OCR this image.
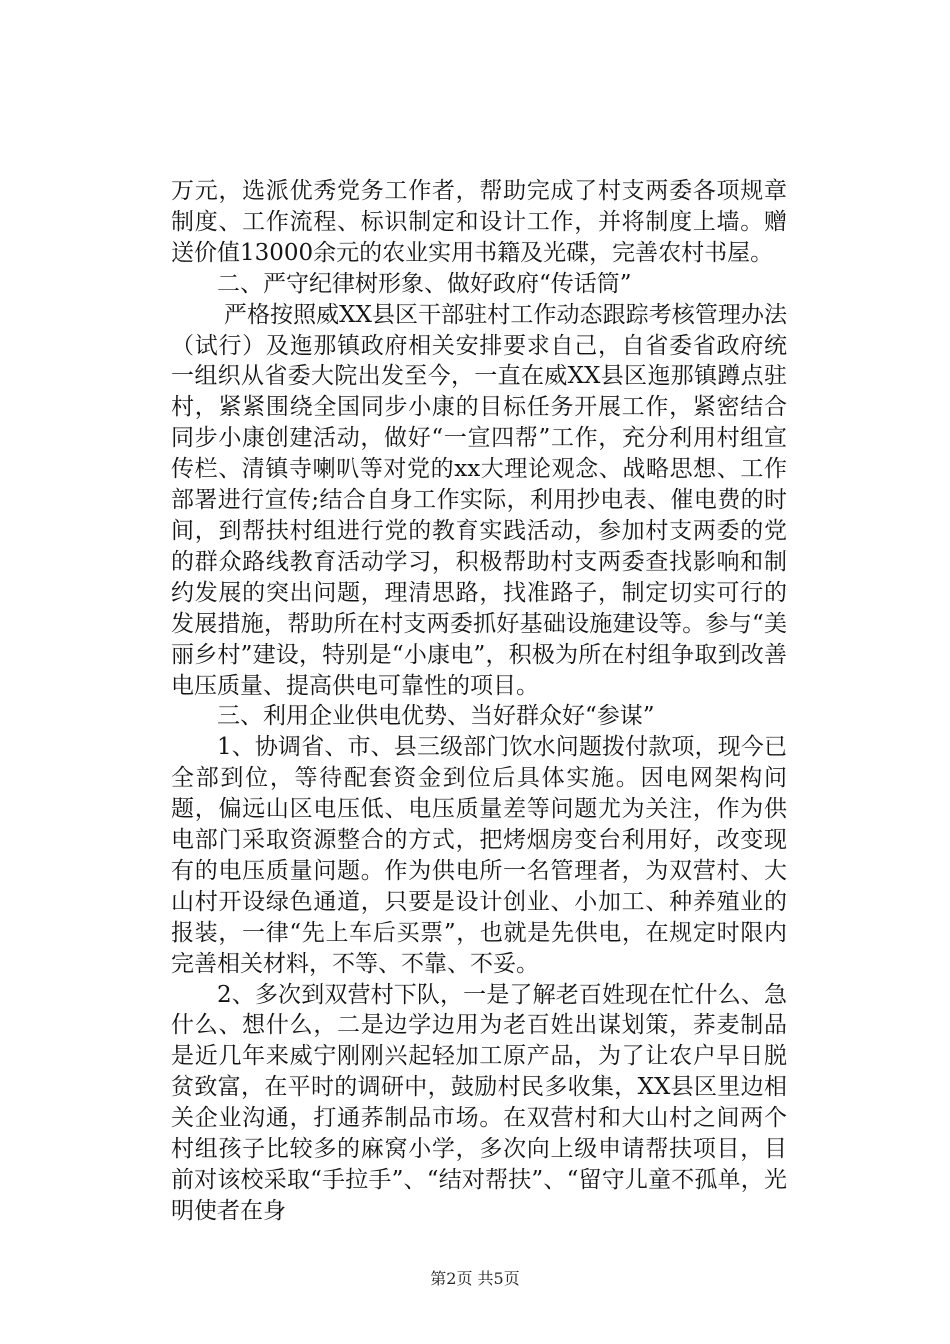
万元，选派优秀党务工作者，帮助完成了村支两委各项规章制度、工作流程、标识制定和设计工作，并将制度上墙。赠送价值13000余元的农业实用书籍及光碟，完善农村书屋。

二、严守纪律树形象、做好政府“传话筒”

严格按照威XX县区干部驻村工作动态跟踪考核管理办法（试行）及迤那镇政府相关安排要求自己，自省委省政府统一组织从省委大院出发至今，一直在威XX县区迤那镇蹲点驻村，紧紧围绕全国同步小康的目标任务开展工作，紧密结合同步小康创建活动，做好“一宣四帮”工作，充分利用村组宣传栏、清镇寺喇叭等对党的xx大理论观念、战略思想、工作部署进行宣传;结合自身工作实际，利用抄电表、催电费的时间，到帮扶村组进行党的教育实践活动，参加村支两委的党的群众路线教育活动学习，积极帮助村支两委查找影响和制约发展的突出问题，理清思路，找准路子，制定切实可行的发展措施，帮助所在村支两委抓好基础设施建设等。参与“美丽乡村”建设，特别是“小康电”，积极为所在村组争取到改善电压质量、提高供电可靠性的项目。

三、利用企业供电优势、当好群众好“参谋”

1、协调省、市、县三级部门饮水问题拨付款项，现今已全部到位，等待配套资金到位后具体实施。因电网架构问题，偏远山区电压低、电压质量差等问题尤为关注，作为供电部门采取资源整合的方式，把烤烟房变台利用好，改变现有的电压质量问题。作为供电所一名管理者，为双营村、大山村开设绿色通道，只要是设计创业、小加工、种养殖业的报装，一律“先上车后买票”，也就是先供电，在规定时限内完善相关材料，不等、不靠、不妥。

2、多次到双营村下队，一是了解老百姓现在忙什么、急什么、想什么，二是边学边用为老百姓出谋划策，荞麦制品是近几年来威宁刚刚兴起轻加工原产品，为了让农户早日脱贫致富，在平时的调研中，鼓励村民多收集，XX县区里边相关企业沟通，打通荞制品市场。在双营村和大山村之间两个村组孩子比较多的麻窝小学，多次向上级申请帮扶项目，目前对该校采取“手拉手”、“结对帮扶”、“留守儿童不孤单，光明使者在身

第2页 共5页
